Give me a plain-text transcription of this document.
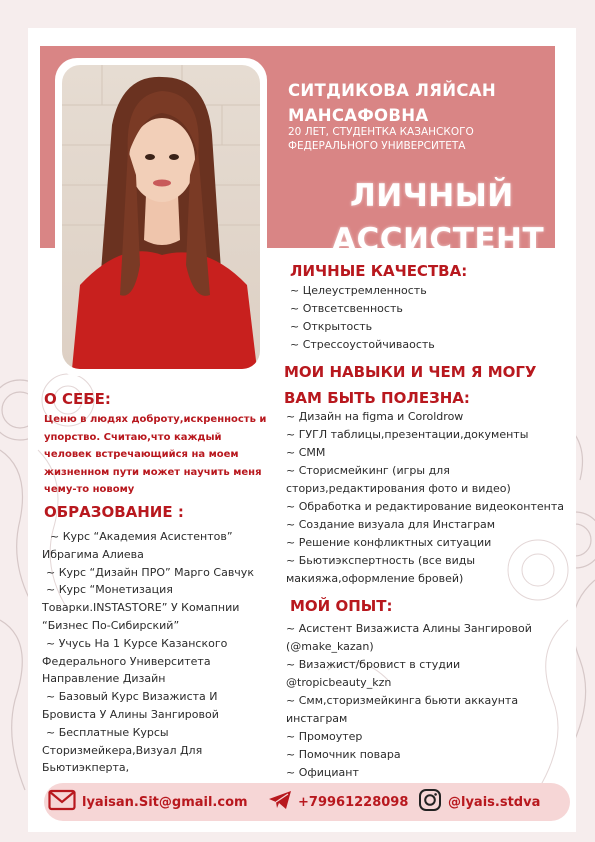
СИТДИКОВА ЛЯЙСАН
МАНСАФОВНА
20 ЛЕТ, СТУДЕНТКА КАЗАНСКОГО
ФЕДЕРАЛЬНОГО УНИВЕРСИТЕТА
ЛИЧНЫЙ
АССИСТЕНТ
ЛИЧНЫЕ КАЧЕСТВА:
~ Целеустремленность
~ Отвсетсвенность
~ Открытость
~ Стрессоустойчиваость
МОИ НАВЫКИ И ЧЕМ Я МОГУ
ВАМ БЫТЬ ПОЛЕЗНА:
~ Дизайн на figma и Coroldrow
~ ГУГЛ таблицы,презентации,документы
~ СММ
~ Сторисмейкинг (игры для
сториз,редактирования фото и видео)
~ Обработка и редактирование видеоконтента
~ Создание визуала для Инстаграм
~ Решение конфликтных ситуации
~ Бьютиэкспертность (все виды
макияжа,оформление бровей)
МОЙ ОПЫТ:
~ Асистент Визажиста Алины Зангировой
(@make_kazan)
~ Визажист/бровист в студии
@tropicbeauty_kzn
~ Смм,сторизмейкинга бьюти аккаунта
инстаграм
~ Промоутер
~ Помочник повара
~ Официант
О СЕБЕ:
Ценю в людях доброту,искренность и
упорство. Считаю,что каждый
человек встречающийся на моем
жизненном пути может научить меня
чему-то новому
ОБРАЗОВАНИЕ :
~ Курс “Академия Асистентов”
Ибрагима Алиева
~ Курс “Дизайн ПРО” Марго Савчук
~ Курс “Монетизация
Товарки.INSTASTORE” У Комапнии
“Бизнес По-Сибирский”
~ Учусь На 1 Курсе Казанского
Федерального Университета
Направление Дизайн
~ Базовый Курс Визажиста И
Бровиста У Алины Зангировой
~ Бесплатные Курсы
Сторизмейкера,Визуал Для
Бьютиэкперта,
lyaisan.Sit@gmail.com	+79961228098	@lyais.stdva
